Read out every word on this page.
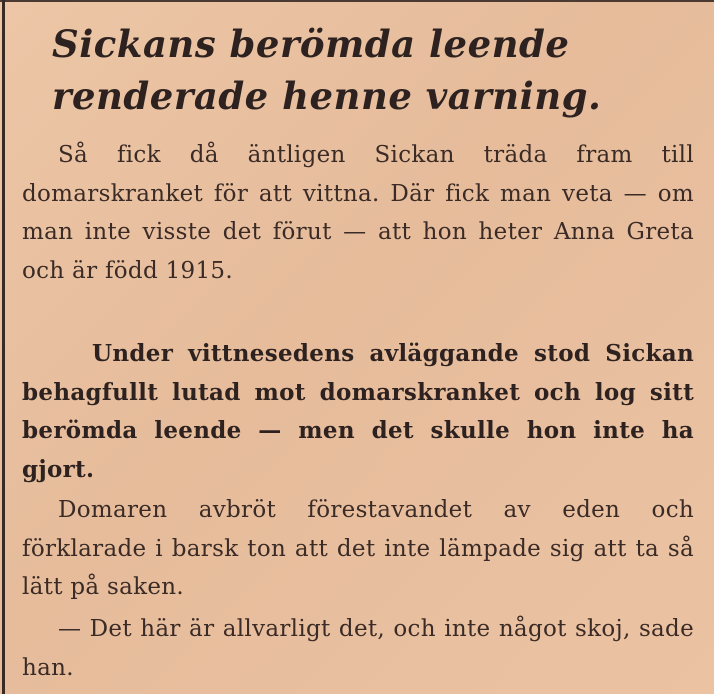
Sickans berömda leende renderade henne varning.

Så fick då äntligen Sickan träda fram till domarskranket för att vittna. Där fick man veta — om man inte visste det förut — att hon heter Anna Greta och är född 1915.

Under vittnesedens avläggande stod Sickan behagfullt lutad mot domarskranket och log sitt berömda leende — men det skulle hon inte ha gjort.

Domaren avbröt förestavandet av eden och förklarade i barsk ton att det inte lämpade sig att ta så lätt på saken.

— Det här är allvarligt det, och inte något skoj, sade han.
